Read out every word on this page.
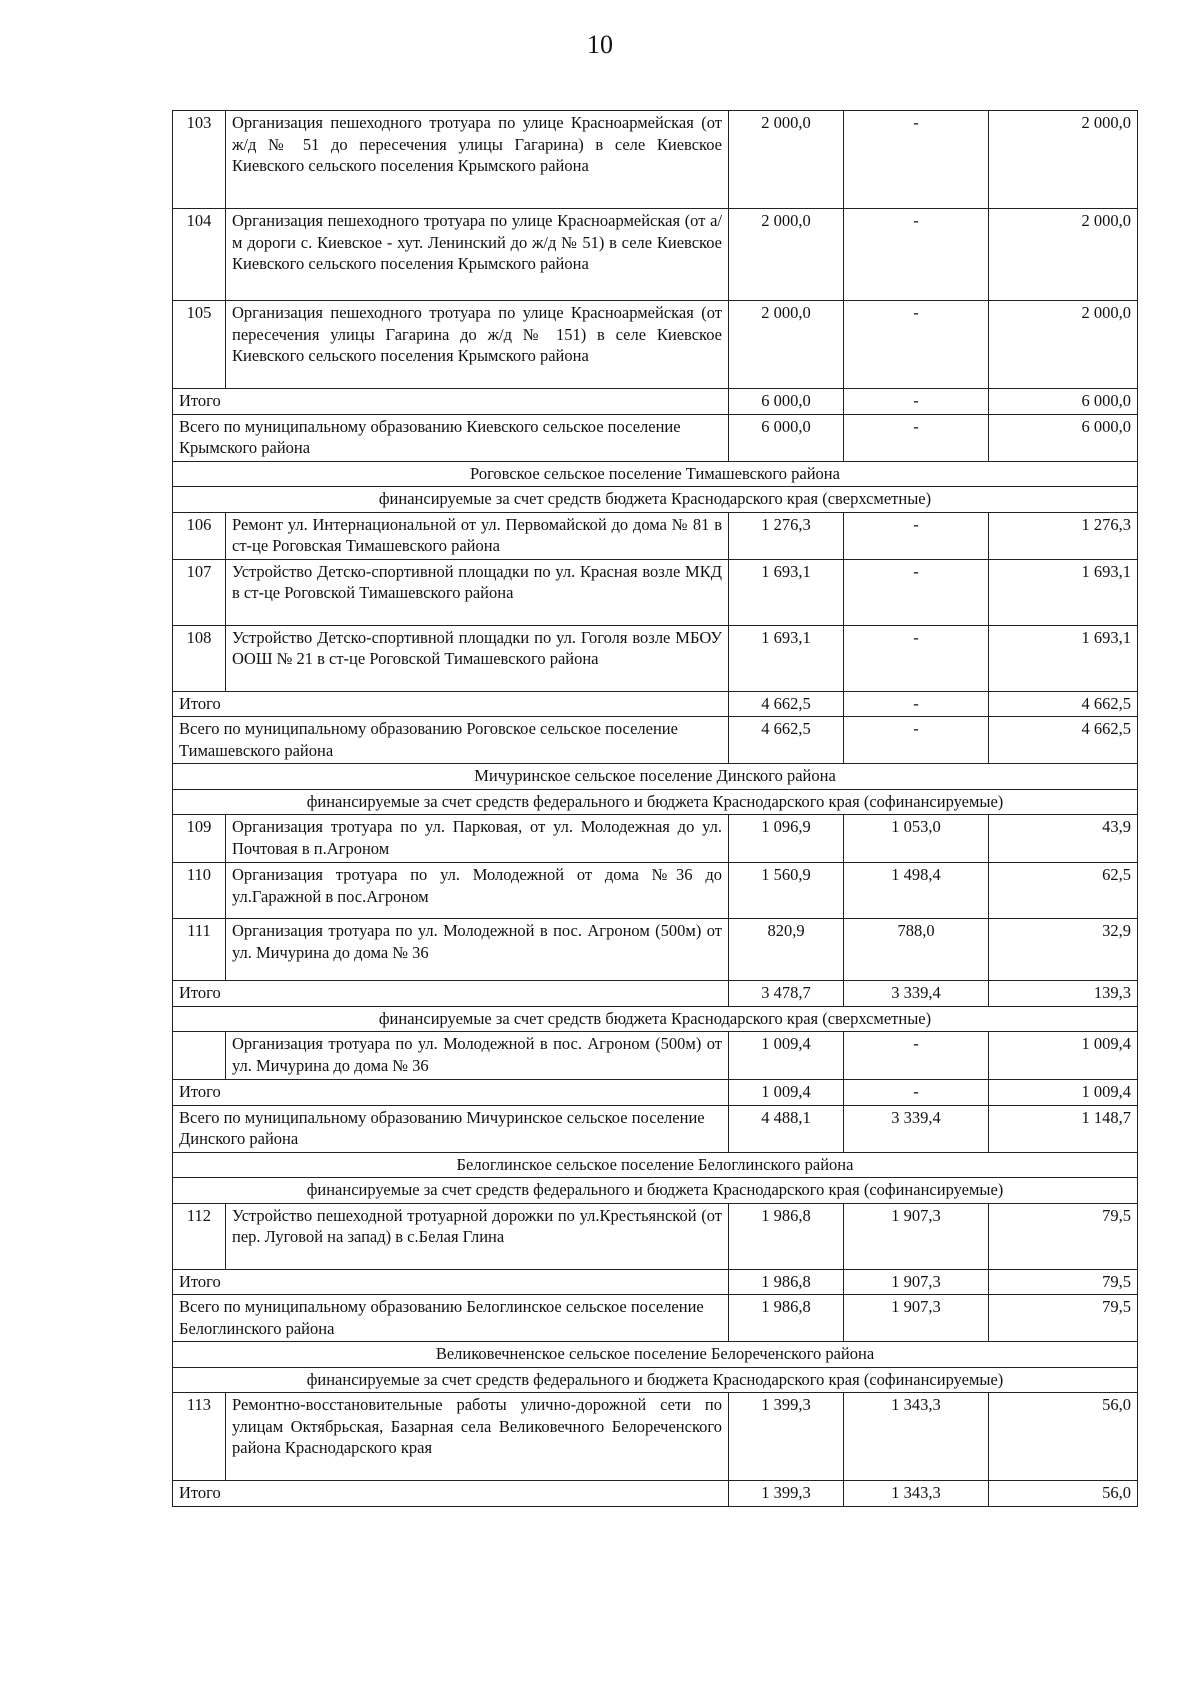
10
103	Организация пешеходного тротуара по улице Красноармейская (от ж/д № 51 до пересечения улицы Гагарина) в селе Киевское Киевского сельского поселения Крымского района	2 000,0	-	2 000,0
104	Организация пешеходного тротуара по улице Красноармейская (от а/м дороги с. Киевское - хут. Ленинский до ж/д № 51) в селе Киевское Киевского сельского поселения Крымского района	2 000,0	-	2 000,0
105	Организация пешеходного тротуара по улице Красноармейская (от пересечения улицы Гагарина до ж/д № 151) в селе Киевское Киевского сельского поселения Крымского района	2 000,0	-	2 000,0
Итого		6 000,0	-	6 000,0
Всего по муниципальному образованию Киевского сельское поселение Крымского района		6 000,0	-	6 000,0
Роговское сельское поселение Тимашевского района				
финансируемые за счет средств бюджета Краснодарского края (сверхсметные)				
106	Ремонт ул. Интернациональной от ул. Первомайской до дома № 81 в ст-це Роговская Тимашевского района	1 276,3	-	1 276,3
107	Устройство Детско-спортивной площадки по ул. Красная возле МКД в ст-це Роговской Тимашевского района	1 693,1	-	1 693,1
108	Устройство Детско-спортивной площадки по ул. Гоголя возле МБОУ ООШ № 21 в ст-це Роговской Тимашевского района	1 693,1	-	1 693,1
Итого		4 662,5	-	4 662,5
Всего по муниципальному образованию Роговское сельское поселение Тимашевского района		4 662,5	-	4 662,5
Мичуринское сельское поселение Динского района				
финансируемые за счет средств федерального и бюджета Краснодарского края (софинансируемые)				
109	Организация тротуара по ул. Парковая, от ул. Молодежная до ул. Почтовая в п.Агроном	1 096,9	1 053,0	43,9
110	Организация тротуара по ул. Молодежной от дома №36 до ул.Гаражной в пос.Агроном	1 560,9	1 498,4	62,5
111	Организация тротуара по ул. Молодежной в пос. Агроном (500м) от ул. Мичурина до дома № 36	820,9	788,0	32,9
Итого		3 478,7	3 339,4	139,3
финансируемые за счет средств бюджета Краснодарского края (сверхсметные)				
	Организация тротуара по ул. Молодежной в пос. Агроном (500м) от ул. Мичурина до дома № 36	1 009,4	-	1 009,4
Итого		1 009,4	-	1 009,4
Всего по муниципальному образованию Мичуринское сельское поселение Динского района		4 488,1	3 339,4	1 148,7
Белоглинское сельское поселение Белоглинского района				
финансируемые за счет средств федерального и бюджета Краснодарского края (софинансируемые)				
112	Устройство пешеходной тротуарной дорожки по ул.Крестьянской (от пер. Луговой на запад) в с.Белая Глина	1 986,8	1 907,3	79,5
Итого		1 986,8	1 907,3	79,5
Всего по муниципальному образованию Белоглинское сельское поселение Белоглинского района		1 986,8	1 907,3	79,5
Великовечненское сельское поселение Белореченского района				
финансируемые за счет средств федерального и бюджета Краснодарского края (софинансируемые)				
113	Ремонтно-восстановительные работы улично-дорожной сети по улицам Октябрьская, Базарная села Великовечного Белореченского района Краснодарского края	1 399,3	1 343,3	56,0
Итого		1 399,3	1 343,3	56,0
